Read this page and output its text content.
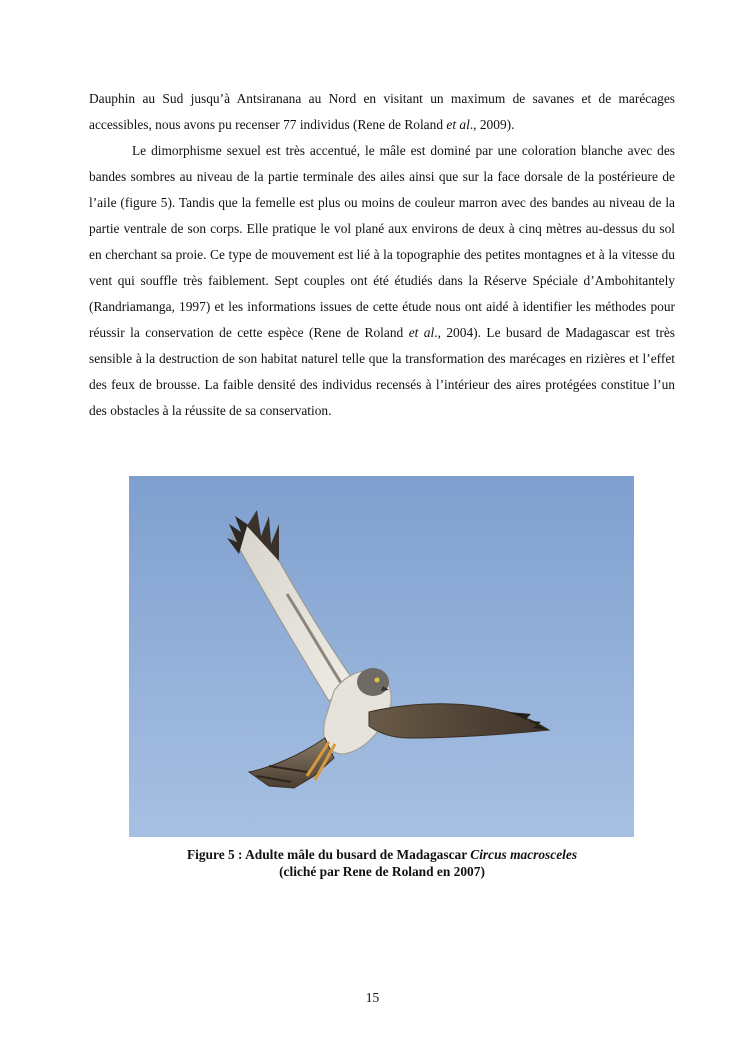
Dauphin au Sud jusqu’à Antsiranana au Nord en visitant un maximum de savanes et de marécages accessibles, nous avons pu recenser 77 individus (Rene de Roland et al., 2009).

Le dimorphisme sexuel est très accentué, le mâle est dominé par une coloration blanche avec des bandes sombres au niveau de la partie terminale des ailes ainsi que sur la face dorsale de la postérieure de l’aile (figure 5). Tandis que la femelle est plus ou moins de couleur marron avec des bandes au niveau de la partie ventrale de son corps. Elle pratique le vol plané aux environs de deux à cinq mètres au-dessus du sol en cherchant sa proie. Ce type de mouvement est lié à la topographie des petites montagnes et à la vitesse du vent qui souffle très faiblement. Sept couples ont été étudiés dans la Réserve Spéciale d’Ambohitantely (Randriamanga, 1997) et les informations issues de cette étude nous ont aidé à identifier les méthodes pour réussir la conservation de cette espèce (Rene de Roland et al., 2004). Le busard de Madagascar est très sensible à la destruction de son habitat naturel telle que la transformation des marécages en rizières et l’effet des feux de brousse. La faible densité des individus recensés à l’intérieur des aires protégées constitue l’un des obstacles à la réussite de sa conservation.

Figure 5 : Adulte mâle du busard de Madagascar Circus macrosceles
(cliché par Rene de Roland en 2007)
15
